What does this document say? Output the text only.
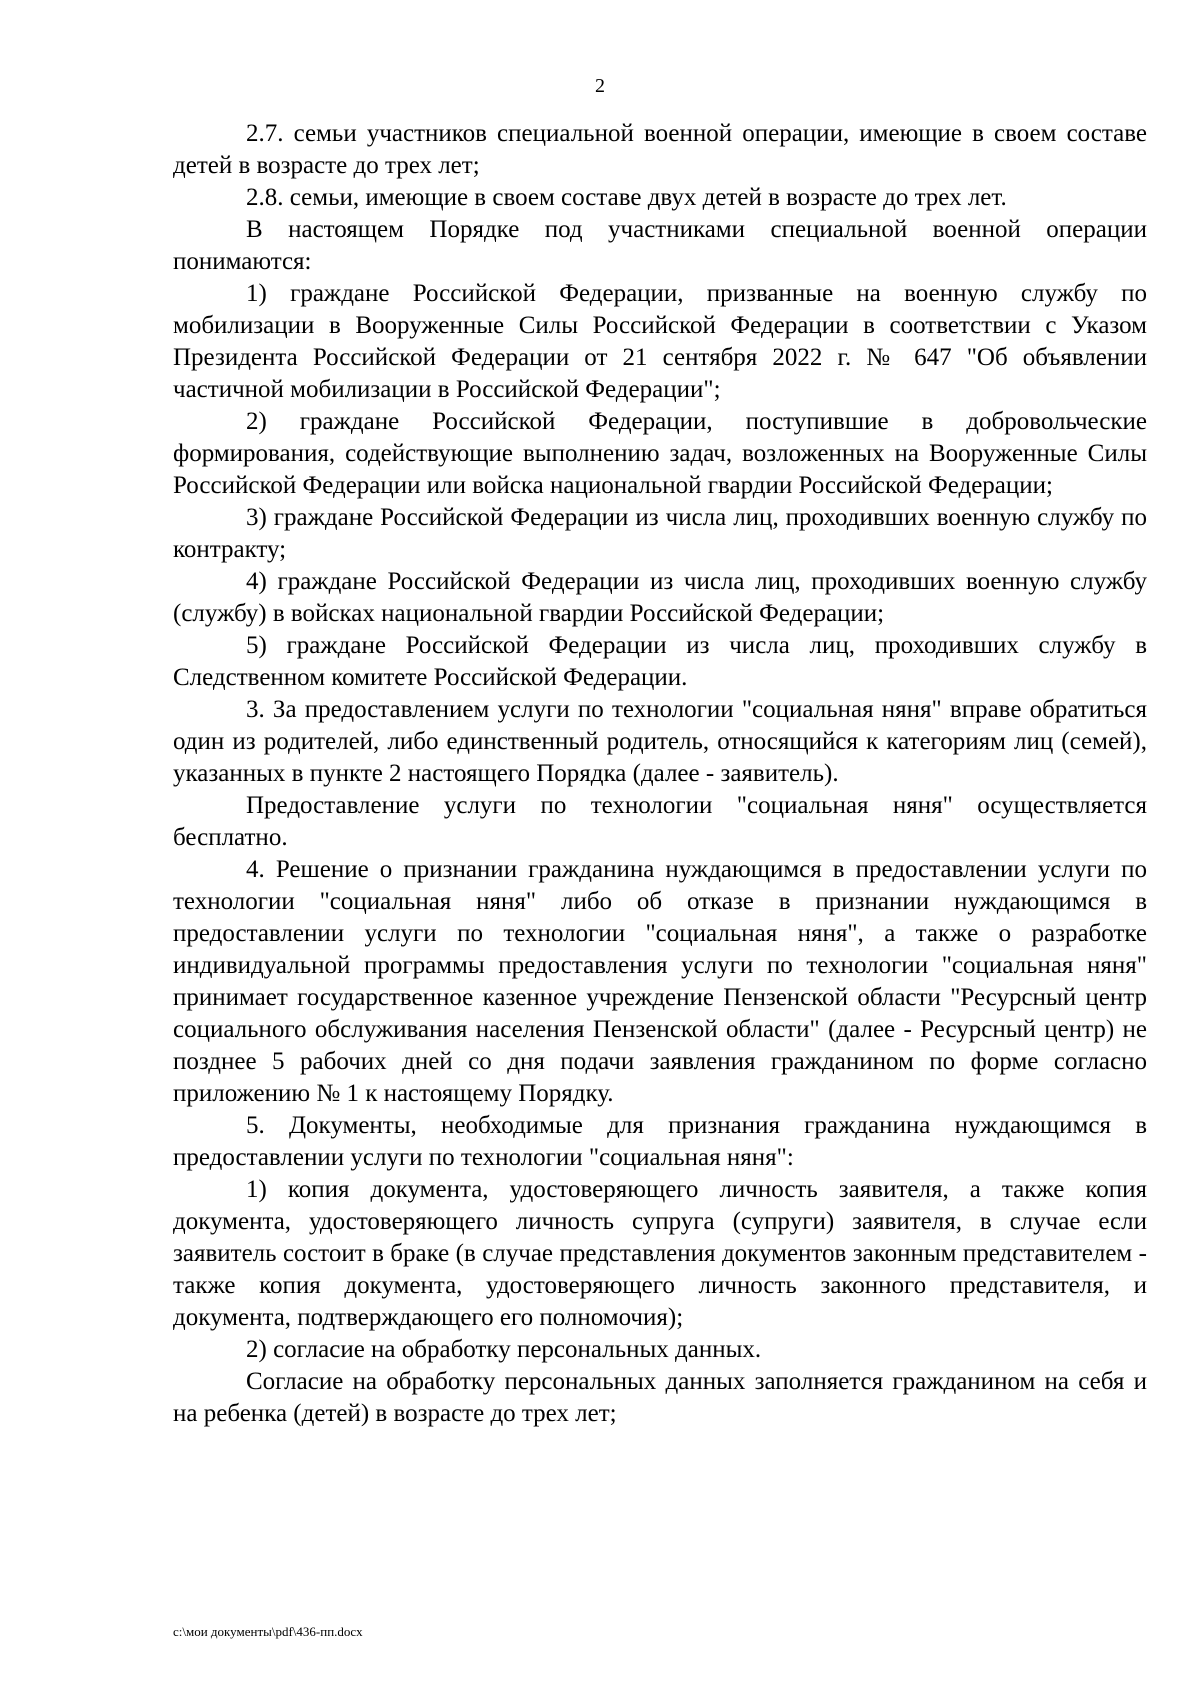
2

2.7. семьи участников специальной военной операции, имеющие в своем составе детей в возрасте до трех лет;

2.8. семьи, имеющие в своем составе двух детей в возрасте до трех лет.

В настоящем Порядке под участниками специальной военной операции понимаются:

1) граждане Российской Федерации, призванные на военную службу по мобилизации в Вооруженные Силы Российской Федерации в соответствии с Указом Президента Российской Федерации от 21 сентября 2022 г. № 647 "Об объявлении частичной мобилизации в Российской Федерации";

2) граждане Российской Федерации, поступившие в добровольческие формирования, содействующие выполнению задач, возложенных на Вооруженные Силы Российской Федерации или войска национальной гвардии Российской Федерации;

3) граждане Российской Федерации из числа лиц, проходивших военную службу по контракту;

4) граждане Российской Федерации из числа лиц, проходивших военную службу (службу) в войсках национальной гвардии Российской Федерации;

5) граждане Российской Федерации из числа лиц, проходивших службу в Следственном комитете Российской Федерации.

3. За предоставлением услуги по технологии "социальная няня" вправе обратиться один из родителей, либо единственный родитель, относящийся к категориям лиц (семей), указанных в пункте 2 настоящего Порядка (далее - заявитель).

Предоставление услуги по технологии "социальная няня" осуществляется бесплатно.

4. Решение о признании гражданина нуждающимся в предоставлении услуги по технологии "социальная няня" либо об отказе в признании нуждающимся в предоставлении услуги по технологии "социальная няня", а также о разработке индивидуальной программы предоставления услуги по технологии "социальная няня" принимает государственное казенное учреждение Пензенской области "Ресурсный центр социального обслуживания населения Пензенской области" (далее - Ресурсный центр) не позднее 5 рабочих дней со дня подачи заявления гражданином по форме согласно приложению № 1 к настоящему Порядку.

5. Документы, необходимые для признания гражданина нуждающимся в предоставлении услуги по технологии "социальная няня":

1) копия документа, удостоверяющего личность заявителя, а также копия документа, удостоверяющего личность супруга (супруги) заявителя, в случае если заявитель состоит в браке (в случае представления документов законным представителем - также копия документа, удостоверяющего личность законного представителя, и документа, подтверждающего его полномочия);

2) согласие на обработку персональных данных.

Согласие на обработку персональных данных заполняется гражданином на себя и на ребенка (детей) в возрасте до трех лет;

c:\мои документы\pdf\436-пп.docx
